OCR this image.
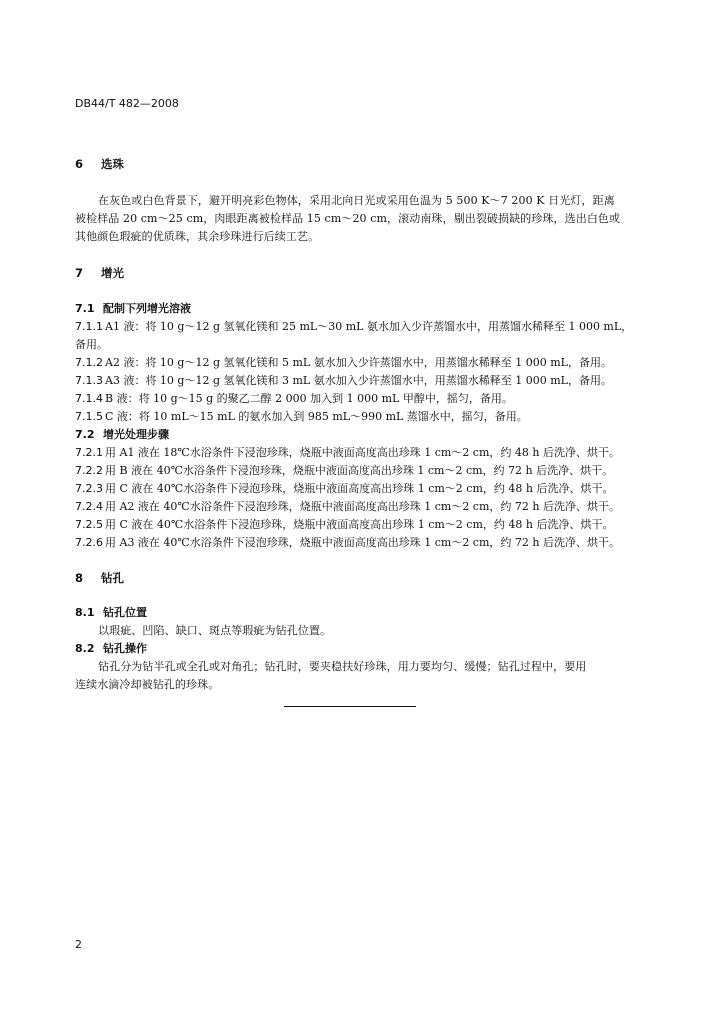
DB44/T 482—2008
6 选珠
在灰色或白色背景下，避开明亮彩色物体，采用北向日光或采用色温为 5 500 K～7 200 K 日光灯，距离
被检样品 20 cm～25 cm，肉眼距离被检样品 15 cm～20 cm，滚动南珠，剔出裂破损缺的珍珠，选出白色或
其他颜色瑕疵的优质珠，其余珍珠进行后续工艺。
7 增光
7.1 配制下列增光溶液
7.1.1 A1 液：将 10 g～12 g 氢氧化镁和 25 mL～30 mL 氨水加入少许蒸馏水中，用蒸馏水稀释至 1 000 mL，
备用。
7.1.2 A2 液：将 10 g～12 g 氢氧化镁和 5 mL 氨水加入少许蒸馏水中，用蒸馏水稀释至 1 000 mL，备用。
7.1.3 A3 液：将 10 g～12 g 氢氧化镁和 3 mL 氨水加入少许蒸馏水中，用蒸馏水稀释至 1 000 mL，备用。
7.1.4 B 液：将 10 g～15 g 的聚乙二醇 2 000 加入到 1 000 mL 甲醇中，摇匀，备用。
7.1.5 C 液：将 10 mL～15 mL 的氨水加入到 985 mL～990 mL 蒸馏水中，摇匀，备用。
7.2 增光处理步骤
7.2.1 用 A1 液在 18℃水浴条件下浸泡珍珠，烧瓶中液面高度高出珍珠 1 cm～2 cm，约 48 h 后洗净、烘干。
7.2.2 用 B 液在 40℃水浴条件下浸泡珍珠，烧瓶中液面高度高出珍珠 1 cm～2 cm，约 72 h 后洗净、烘干。
7.2.3 用 C 液在 40℃水浴条件下浸泡珍珠，烧瓶中液面高度高出珍珠 1 cm～2 cm，约 48 h 后洗净、烘干。
7.2.4 用 A2 液在 40℃水浴条件下浸泡珍珠，烧瓶中液面高度高出珍珠 1 cm～2 cm，约 72 h 后洗净、烘干。
7.2.5 用 C 液在 40℃水浴条件下浸泡珍珠，烧瓶中液面高度高出珍珠 1 cm～2 cm，约 48 h 后洗净、烘干。
7.2.6 用 A3 液在 40℃水浴条件下浸泡珍珠，烧瓶中液面高度高出珍珠 1 cm～2 cm，约 72 h 后洗净、烘干。
8 钻孔
8.1 钻孔位置
以瑕疵、凹陷、缺口、斑点等瑕疵为钻孔位置。
8.2 钻孔操作
钻孔分为钻半孔或全孔或对角孔；钻孔时，要夹稳扶好珍珠，用力要均匀、缓慢；钻孔过程中，要用
连续水滴冷却被钻孔的珍珠。
2
